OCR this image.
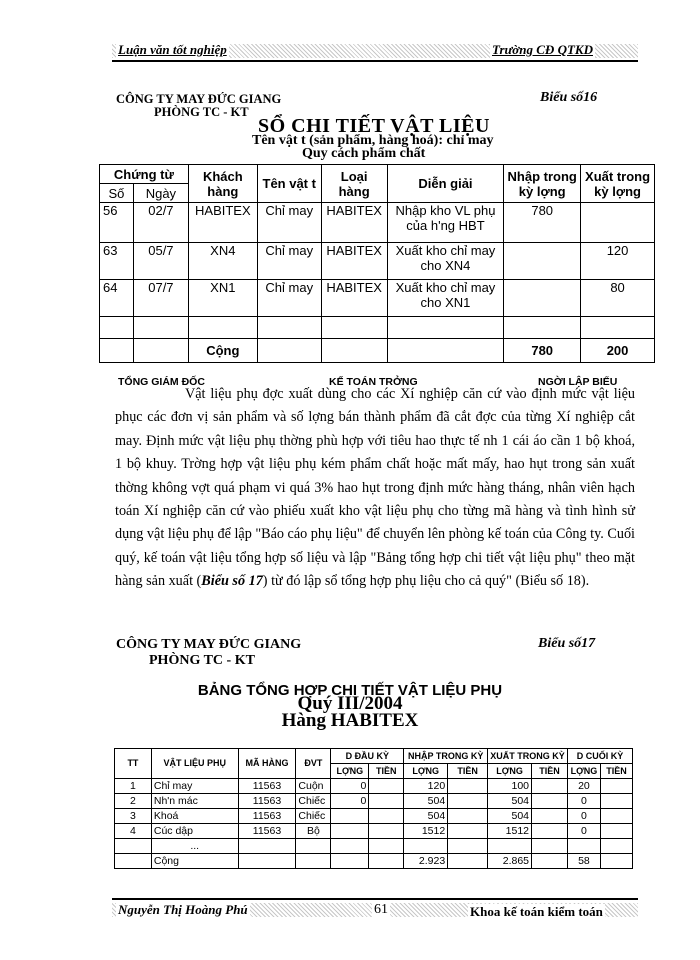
Luận văn tốt nghiệp	Trường CĐ QTKD
CÔNG TY MAY ĐỨC GIANG
PHÒNG TC - KT
Biểu số16
SỔ CHI TIẾT VẬT LIỆU
Tên vật t (sản phẩm, hàng hoá): chỉ may
Quy cách phẩm chất
Chứng từ		Khách hàng	Tên vật t	Loại hàng	Diễn giải	Nhập trong kỳ lợng	Xuất trong kỳ lợng
Số	Ngày						
56	02/7	HABITEX	Chỉ may	HABITEX	Nhập kho VL phụ của h'ng HBT	780	
63	05/7	XN4	Chỉ may	HABITEX	Xuất kho chỉ may cho XN4		120
64	07/7	XN1	Chỉ may	HABITEX	Xuất kho chỉ may cho XN1		80

		Cộng				780	200
TỔNG GIÁM ĐỐC	KẾ TOÁN TRỞNG	NGỜI LẬP BIỂU
Vật liệu phụ đợc xuất dùng cho các Xí nghiệp căn cứ vào định mức vật liệu phục các đơn vị sản phẩm và số lợng bán thành phẩm đã cắt đợc của từng Xí nghiệp cắt may. Định mức vật liệu phụ thờng phù hợp với tiêu hao thực tế nh 1 cái áo cần 1 bộ khoá, 1 bộ khuy. Trờng hợp vật liệu phụ kém phẩm chất hoặc mất mấy, hao hụt trong sản xuất thờng không vợt quá phạm vi quá 3% hao hụt trong định mức hàng tháng, nhân viên hạch toán Xí nghiệp căn cứ vào phiếu xuất kho vật liệu phụ cho từng mã hàng và tình hình sử dụng vật liệu phụ để lập "Báo cáo phụ liệu" để chuyển lên phòng kế toán của Công ty. Cuối quý, kế toán vật liệu tổng hợp số liệu và lập "Bảng tổng hợp chi tiết vật liệu phụ" theo mặt hàng sản xuất (Biểu số 17) từ đó lập sổ tổng hợp phụ liệu cho cả quý" (Biểu số 18).
CÔNG TY MAY ĐỨC GIANG
PHÒNG TC - KT
Biểu số17
BẢNG TỔNG HỢP CHI TIẾT VẬT LIỆU PHỤ
Quý III/2004
Hàng HABITEX
TT	VẬT LIỆU PHỤ	MÃ HÀNG	ĐVT	D ĐẦU KỲ		NHẬP TRONG KỲ		XUẤT TRONG KỲ		D CUỐI KỲ	
				LỢNG	TIỀN	LỢNG	TIỀN	LỢNG	TIỀN	LỢNG	TIỀN
1	Chỉ may	11563	Cuộn	0		120		100		20	
2	Nh'n mác	11563	Chiếc	0		504		504		0	
3	Khoá	11563	Chiếc			504		504		0	
4	Cúc dập	11563	Bộ			1512		1512		0	
	...										
	Cộng					2.923		2.865		58	
Nguyễn Thị Hoàng Phú	61	Khoa kế toán kiểm toán
